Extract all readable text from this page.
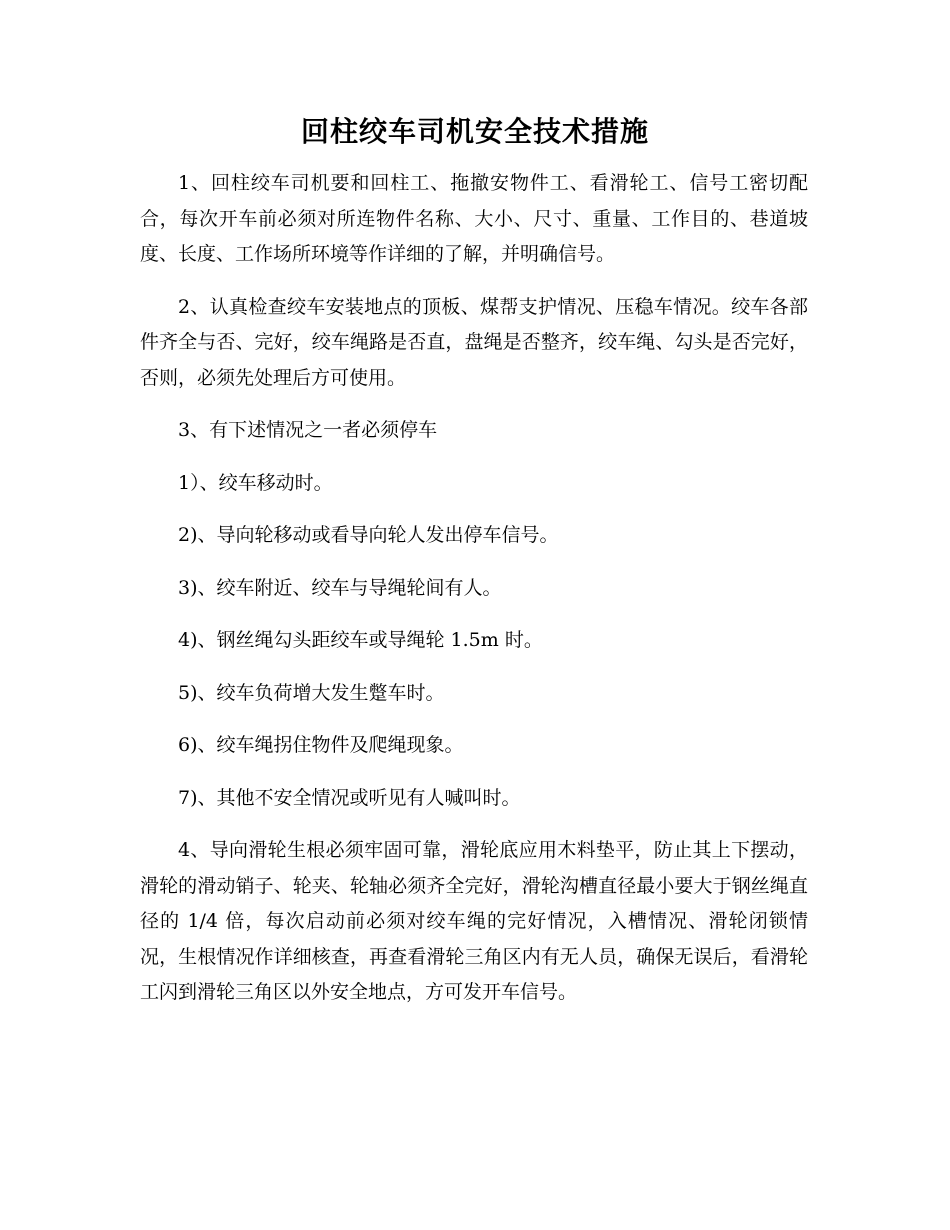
回柱绞车司机安全技术措施

1、回柱绞车司机要和回柱工、拖撤安物件工、看滑轮工、信号工密切配合，每次开车前必须对所连物件名称、大小、尺寸、重量、工作目的、巷道坡度、长度、工作场所环境等作详细的了解，并明确信号。

2、认真检查绞车安装地点的顶板、煤帮支护情况、压稳车情况。绞车各部件齐全与否、完好，绞车绳路是否直，盘绳是否整齐，绞车绳、勾头是否完好，否则，必须先处理后方可使用。

3、有下述情况之一者必须停车

1）、绞车移动时。

2)、导向轮移动或看导向轮人发出停车信号。

3)、绞车附近、绞车与导绳轮间有人。

4)、钢丝绳勾头距绞车或导绳轮 1.5m 时。

5)、绞车负荷增大发生蹩车时。

6)、绞车绳拐住物件及爬绳现象。

7)、其他不安全情况或听见有人喊叫时。

4、导向滑轮生根必须牢固可靠，滑轮底应用木料垫平，防止其上下摆动，滑轮的滑动销子、轮夹、轮轴必须齐全完好，滑轮沟槽直径最小要大于钢丝绳直径的 1/4 倍，每次启动前必须对绞车绳的完好情况，入槽情况、滑轮闭锁情况，生根情况作详细核查，再查看滑轮三角区内有无人员，确保无误后，看滑轮工闪到滑轮三角区以外安全地点，方可发开车信号。
